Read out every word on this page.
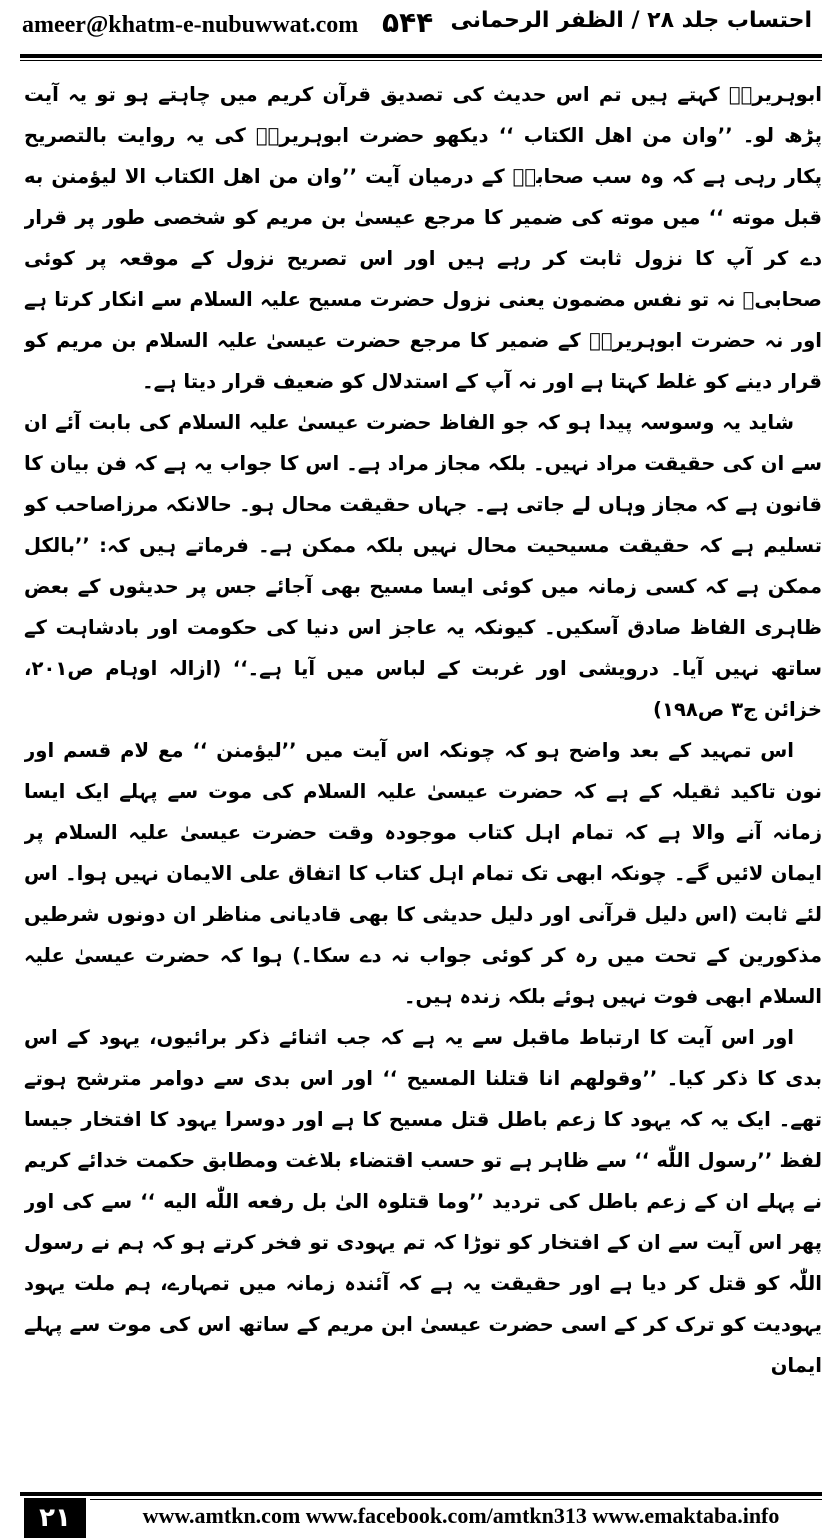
ameer@khatm-e-nubuwwat.com ۵۴۴ احتساب جلد ۲۸ / الظفر الرحمانی

ابوہریرہؓ کہتے ہیں تم اس حدیث کی تصدیق قرآن کریم میں چاہتے ہو تو یہ آیت پڑھ لو۔ ’’وان من اھل الکتاب ‘‘ دیکھو حضرت ابوہریرہؓ کی یہ روایت بالتصریح پکار رہی ہے کہ وہ سب صحابہؓ کے درمیان آیت ’’وان من اھل الکتاب الا لیؤمنن به قبل موته ‘‘ میں موته کی ضمیر کا مرجع عیسیٰ بن مریم کو شخصی طور پر قرار دے کر آپ کا نزول ثابت کر رہے ہیں اور اس تصریح نزول کے موقعہ پر کوئی صحابیؓ نہ تو نفس مضمون یعنی نزول حضرت مسیح علیہ السلام سے انکار کرتا ہے اور نہ حضرت ابوہریرہؓ کے ضمیر کا مرجع حضرت عیسیٰ علیہ السلام بن مریم کو قرار دینے کو غلط کہتا ہے اور نہ آپ کے استدلال کو ضعیف قرار دیتا ہے۔

شاید یہ وسوسہ پیدا ہو کہ جو الفاظ حضرت عیسیٰ علیہ السلام کی بابت آئے ان سے ان کی حقیقت مراد نہیں۔ بلکہ مجاز مراد ہے۔ اس کا جواب یہ ہے کہ فن بیان کا قانون ہے کہ مجاز وہاں لے جاتی ہے۔ جہاں حقیقت محال ہو۔ حالانکہ مرزاصاحب کو تسلیم ہے کہ حقیقت مسیحیت محال نہیں بلکہ ممکن ہے۔ فرماتے ہیں کہ: ’’بالکل ممکن ہے کہ کسی زمانہ میں کوئی ایسا مسیح بھی آجائے جس پر حدیثوں کے بعض ظاہری الفاظ صادق آسکیں۔ کیونکہ یہ عاجز اس دنیا کی حکومت اور بادشاہت کے ساتھ نہیں آیا۔ درویشی اور غربت کے لباس میں آیا ہے۔‘‘ (ازالہ اوہام ص۲۰۱، خزائن ج۳ ص۱۹۸)

اس تمہید کے بعد واضح ہو کہ چونکہ اس آیت میں ’’لیؤمنن ‘‘ مع لام قسم اور نون تاکید ثقیلہ کے ہے کہ حضرت عیسیٰ علیہ السلام کی موت سے پہلے ایک ایسا زمانہ آنے والا ہے کہ تمام اہل کتاب موجودہ وقت حضرت عیسیٰ علیہ السلام پر ایمان لائیں گے۔ چونکہ ابھی تک تمام اہل کتاب کا اتفاق علی الایمان نہیں ہوا۔ اس لئے ثابت (اس دلیل قرآنی اور دلیل حدیثی کا بھی قادیانی مناظر ان دونوں شرطیں مذکورین کے تحت میں رہ کر کوئی جواب نہ دے سکا۔) ہوا کہ حضرت عیسیٰ علیہ السلام ابھی فوت نہیں ہوئے بلکہ زندہ ہیں۔

اور اس آیت کا ارتباط ماقبل سے یہ ہے کہ جب اثنائے ذکر برائیوں، یہود کے اس بدی کا ذکر کیا۔ ’’وقولھم انا قتلنا المسیح ‘‘ اور اس بدی سے دوامر مترشح ہوتے تھے۔ ایک یہ کہ یہود کا زعم باطل قتل مسیح کا ہے اور دوسرا یہود کا افتخار جیسا لفظ ’’رسول اللّٰه ‘‘ سے ظاہر ہے تو حسب اقتضاء بلاغت ومطابق حکمت خدائے کریم نے پہلے ان کے زعم باطل کی تردید ’’وما قتلوہ الیٰ بل رفعه اللّٰه الیه ‘‘ سے کی اور پھر اس آیت سے ان کے افتخار کو توڑا کہ تم یہودی تو فخر کرتے ہو کہ ہم نے رسول اللّٰہ کو قتل کر دیا ہے اور حقیقت یہ ہے کہ آئندہ زمانہ میں تمہارے، ہم ملت یہود یہودیت کو ترک کر کے اسی حضرت عیسیٰ ابن مریم کے ساتھ اس کی موت سے پہلے ایمان

۲۱	www.amtkn.com www.facebook.com/amtkn313 www.emaktaba.info
